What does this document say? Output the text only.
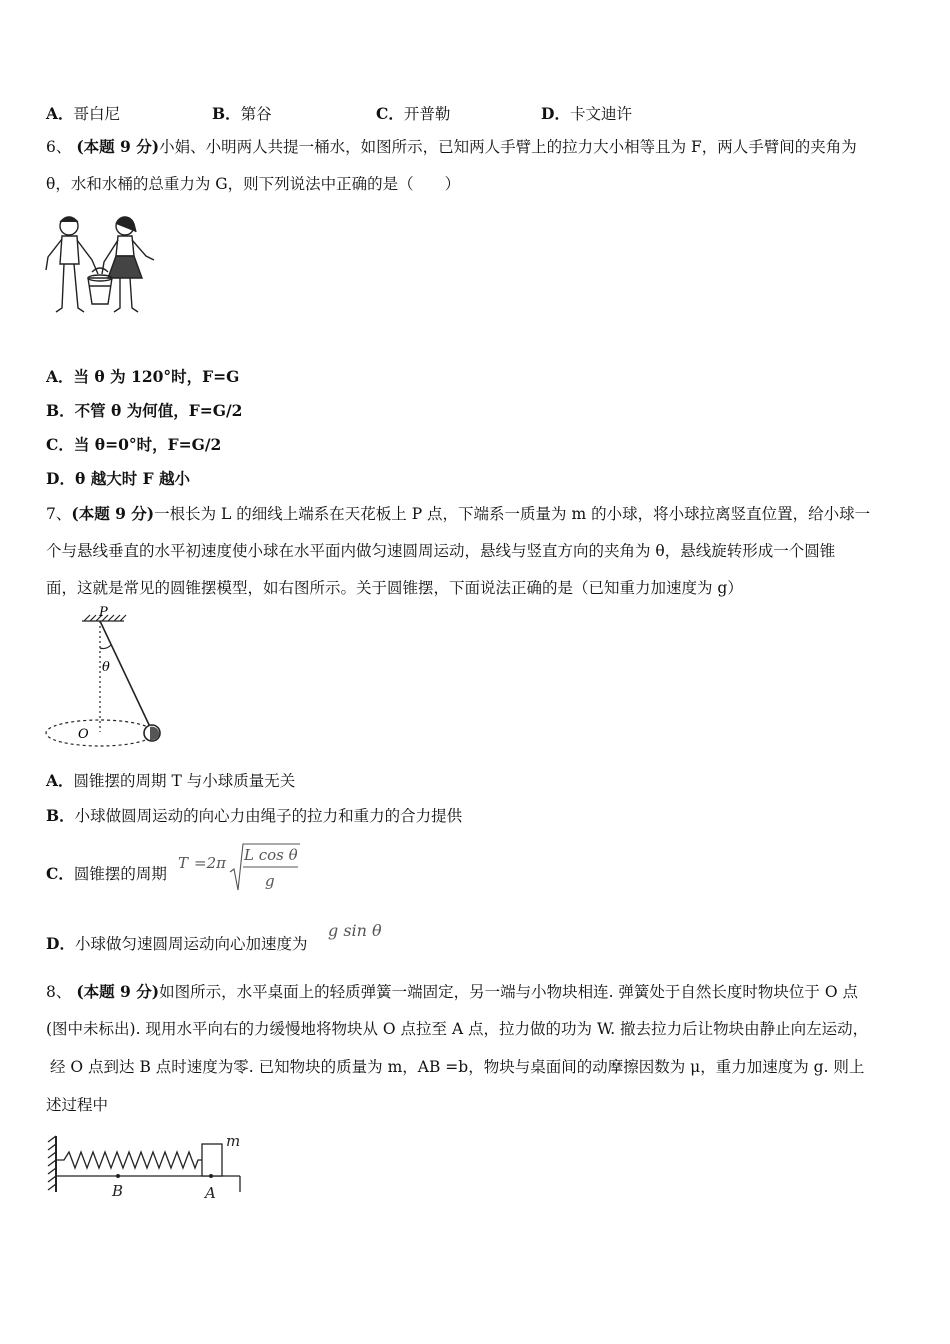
A．哥白尼	B．第谷	C．开普勒	D．卡文迪许
6、 (本题 9 分)小娟、小明两人共提一桶水，如图所示，已知两人手臂上的拉力大小相等且为 F，两人手臂间的夹角为
θ，水和水桶的总重力为 G，则下列说法中正确的是（　　）
A．当 θ 为 120°时，F=G
B．不管 θ 为何值，F=G/2
C．当 θ=0°时，F=G/2
D．θ 越大时 F 越小
7、(本题 9 分)一根长为 L 的细线上端系在天花板上 P 点，下端系一质量为 m 的小球，将小球拉离竖直位置，给小球一
个与悬线垂直的水平初速度使小球在水平面内做匀速圆周运动，悬线与竖直方向的夹角为 θ，悬线旋转形成一个圆锥
面，这就是常见的圆锥摆模型，如右图所示。关于圆锥摆，下面说法正确的是（已知重力加速度为 g）
P
θ
O
A．圆锥摆的周期 T 与小球质量无关
B．小球做圆周运动的向心力由绳子的拉力和重力的合力提供
C．圆锥摆的周期
T =2π L cos θ
g
D．小球做匀速圆周运动向心加速度为
g sin θ
8、 (本题 9 分)如图所示，水平桌面上的轻质弹簧一端固定，另一端与小物块相连. 弹簧处于自然长度时物块位于 O 点
(图中未标出). 现用水平向右的力缓慢地将物块从 O 点拉至 A 点，拉力做的功为 W. 撤去拉力后让物块由静止向左运动，
经 O 点到达 B 点时速度为零. 已知物块的质量为 m，AB =b，物块与桌面间的动摩擦因数为 μ，重力加速度为 g. 则上
述过程中
m
B	A
